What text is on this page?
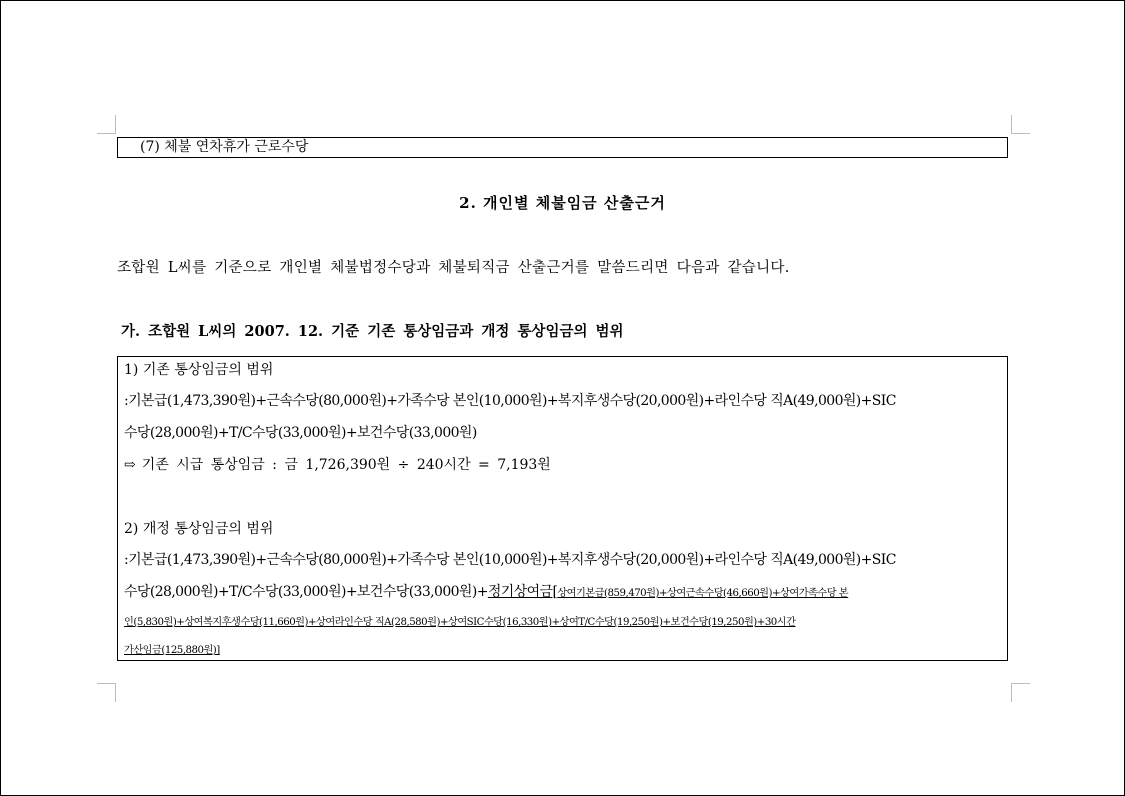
(7) 체불 연차휴가 근로수당
2. 개인별 체불임금 산출근거
조합원 L씨를 기준으로 개인별 체불법정수당과 체불퇴직금 산출근거를 말씀드리면 다음과 같습니다.
가. 조합원 L씨의 2007. 12. 기준 기존 통상임금과 개정 통상임금의 범위
1) 기존 통상임금의 범위
:기본급(1,473,390원)+근속수당(80,000원)+가족수당 본인(10,000원)+복지후생수당(20,000원)+라인수당 직A(49,000원)+SIC
수당(28,000원)+T/C수당(33,000원)+보건수당(33,000원)
⇨ 기존 시급 통상임금 : 금 1,726,390원 ÷ 240시간 = 7,193원
2) 개정 통상임금의 범위
:기본급(1,473,390원)+근속수당(80,000원)+가족수당 본인(10,000원)+복지후생수당(20,000원)+라인수당 직A(49,000원)+SIC
수당(28,000원)+T/C수당(33,000원)+보건수당(33,000원)+정기상여금[상여기본급(859,470원)+상여근속수당(46,660원)+상여가족수당 본
인(5,830원)+상여복지후생수당(11,660원)+상여라인수당 직A(28,580원)+상여SIC수당(16,330원)+상여T/C수당(19,250원)+보건수당(19,250원)+30시간
가산임금(125,880원)]
